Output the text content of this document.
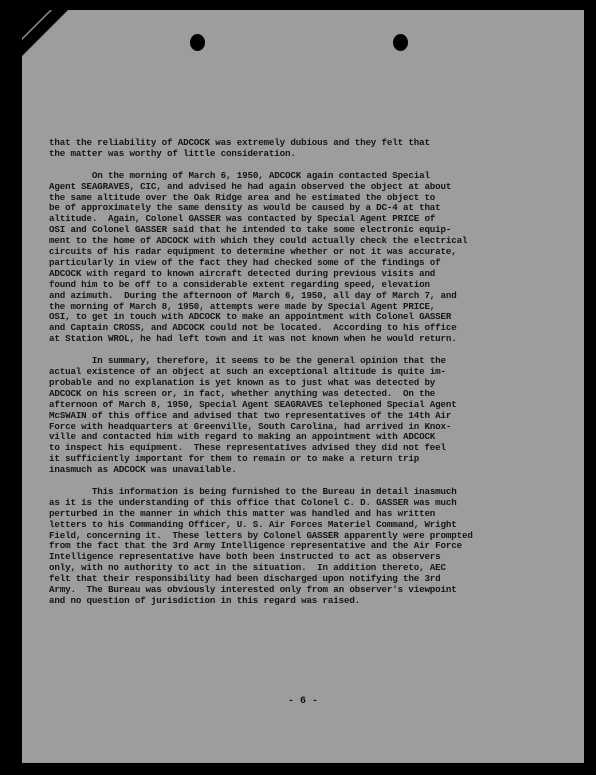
that the reliability of ADCOCK was extremely dubious and they felt that
the matter was worthy of little consideration.

On the morning of March 6, 1950, ADCOCK again contacted Special
Agent SEAGRAVES, CIC, and advised he had again observed the object at about
the same altitude over the Oak Ridge area and he estimated the object to
be of approximately the same density as would be caused by a DC-4 at that
altitude.  Again, Colonel GASSER was contacted by Special Agent PRICE of
OSI and Colonel GASSER said that he intended to take some electronic equip-
ment to the home of ADCOCK with which they could actually check the electrical
circuits of his radar equipment to determine whether or not it was accurate,
particularly in view of the fact they had checked some of the findings of
ADCOCK with regard to known aircraft detected during previous visits and
found him to be off to a considerable extent regarding speed, elevation
and azimuth.  During the afternoon of March 6, 1950, all day of March 7, and
the morning of March 8, 1950, attempts were made by Special Agent PRICE,
OSI, to get in touch with ADCOCK to make an appointment with Colonel GASSER
and Captain CROSS, and ADCOCK could not be located.  According to his office
at Station WROL, he had left town and it was not known when he would return.

In summary, therefore, it seems to be the general opinion that the
actual existence of an object at such an exceptional altitude is quite im-
probable and no explanation is yet known as to just what was detected by
ADCOCK on his screen or, in fact, whether anything was detected.  On the
afternoon of March 8, 1950, Special Agent SEAGRAVES telephoned Special Agent
McSWAIN of this office and advised that two representatives of the 14th Air
Force with headquarters at Greenville, South Carolina, had arrived in Knox-
ville and contacted him with regard to making an appointment with ADCOCK
to inspect his equipment.  These representatives advised they did not feel
it sufficiently important for them to remain or to make a return trip
inasmuch as ADCOCK was unavailable.

This information is being furnished to the Bureau in detail inasmuch
as it is the understanding of this office that Colonel C. D. GASSER was much
perturbed in the manner in which this matter was handled and has written
letters to his Commanding Officer, U. S. Air Forces Materiel Command, Wright
Field, concerning it.  These letters by Colonel GASSER apparently were prompted
from the fact that the 3rd Army Intelligence representative and the Air Force
Intelligence representative have both been instructed to act as observers
only, with no authority to act in the situation.  In addition thereto, AEC
felt that their responsibility had been discharged upon notifying the 3rd
Army.  The Bureau was obviously interested only from an observer's viewpoint
and no question of jurisdiction in this regard was raised.

- 6 -
